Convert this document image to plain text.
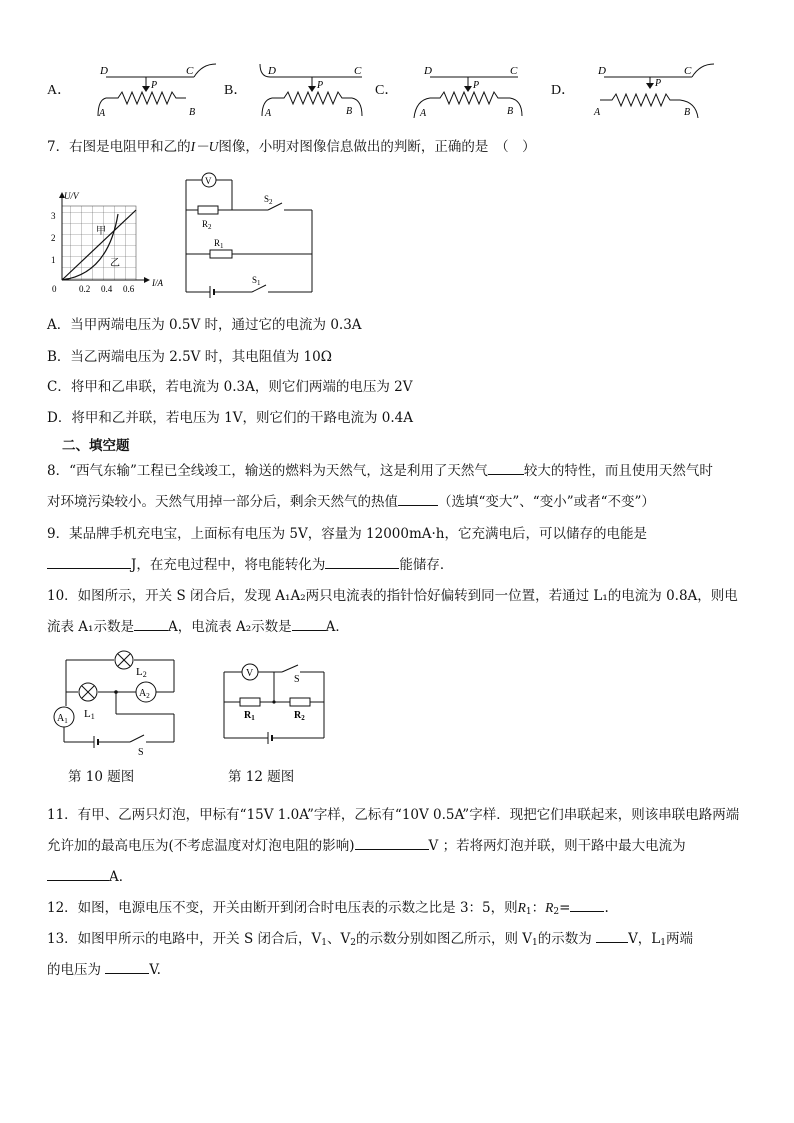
A．	B．	C．	D．
D	C
P
A	B
D	C
P
A	B
D	C
P
A	B
D	C
P
A	B
7．右图是电阻甲和乙的I－U图像，小明对图像信息做出的判断，正确的是　（　）
U/V
I/A
3
2
1
0	0.2 0.4 0.6
甲
乙
V
$S_2$
$R_2$
$R_1$
$S_1$
A．当甲两端电压为 0.5V 时，通过它的电流为 0.3A
B．当乙两端电压为 2.5V 时，其电阻值为 10Ω
C．将甲和乙串联，若电流为 0.3A，则它们两端的电压为 2V
D．将甲和乙并联，若电压为 1V，则它们的干路电流为 0.4A
二、填空题
8．“西气东输”工程已全线竣工，输送的燃料为天然气，这是利用了天然气	较大的特性，而且使用天然气时
对环境污染较小。天然气用掉一部分后，剩余天然气的热值	（选填“变大”、“变小”或者“不变”）
9．某品牌手机充电宝，上面标有电压为 5V，容量为 12000mA·h，它充满电后，可以储存的电能是
J，在充电过程中，将电能转化为	能储存．
10．如图所示，开关 S 闭合后，发现 A₁A₂两只电流表的指针恰好偏转到同一位置，若通过 L₁的电流为 0.8A，则电
流表 A₁示数是	A，电流表 A₂示数是	A．
L2
$A_2$
L1
$A_1$
S
V
S
$R_1$	$R_2$
第 10 题图	第 12 题图
11．有甲、乙两只灯泡，甲标有“15V 1.0A”字样，乙标有“10V 0.5A”字样．现把它们串联起来，则该串联电路两端
允许加的最高电压为(不考虑温度对灯泡电阻的影响)	V ；若将两灯泡并联，则干路中最大电流为
A．
12．如图，电源电压不变，开关由断开到闭合时电压表的示数之比是 3：5，则$R_1$：$R_2=$	.
13．如图甲所示的电路中，开关 S 闭合后，$V_1$、$V_2$的示数分别如图乙所示，则 $V_1$的示数为	V，$L_1$两端
的电压为	V.
